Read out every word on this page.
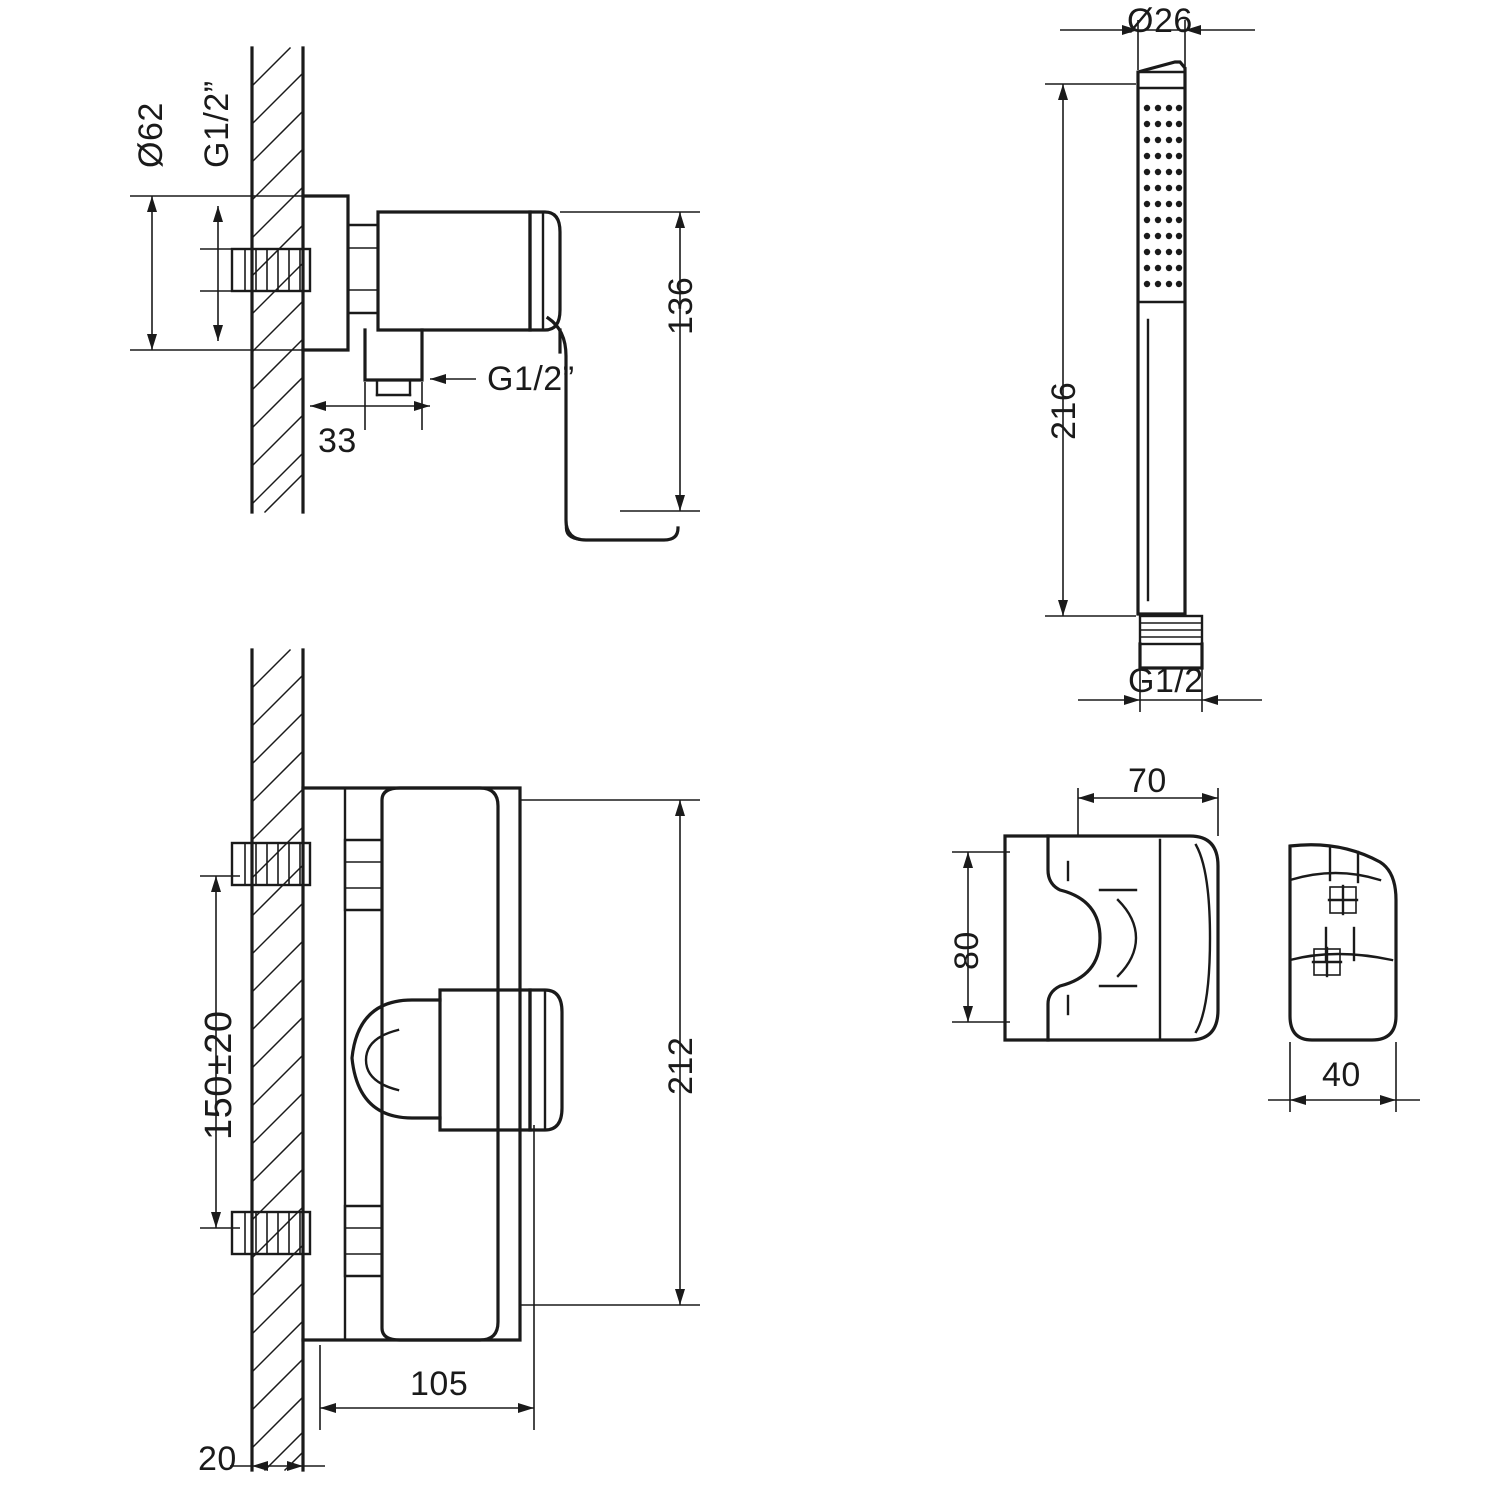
Ø62 G1/2”
136
33
G1/2”
150±20	212
105
20
Ø26
216
G1/2
70
80
40
